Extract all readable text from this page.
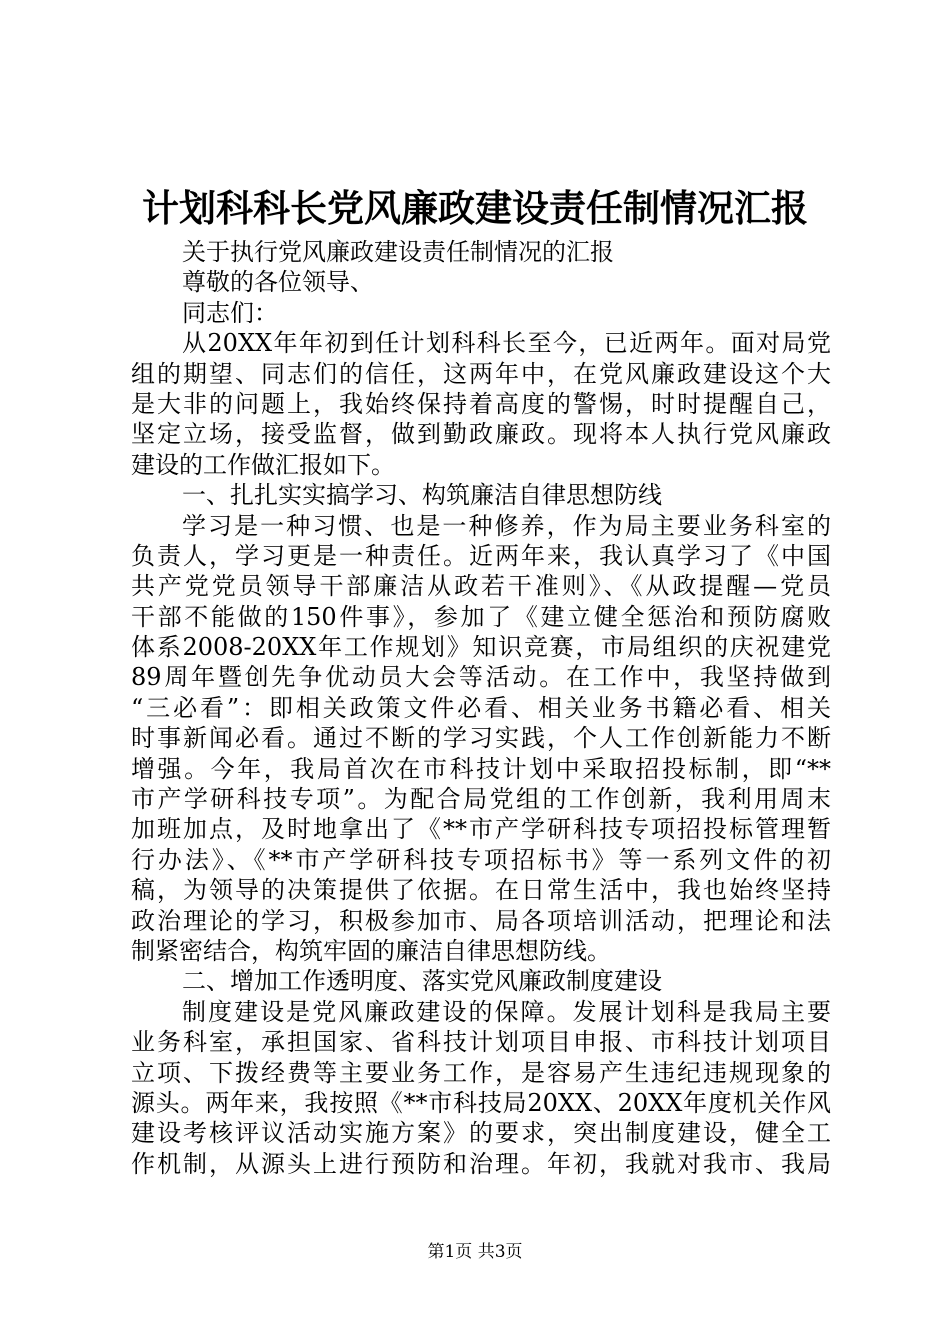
计划科科长党风廉政建设责任制情况汇报
关于执行党风廉政建设责任制情况的汇报
尊敬的各位领导、
同志们：
从20XX年年初到任计划科科长至今，已近两年。面对局党
组的期望、同志们的信任，这两年中，在党风廉政建设这个大
是大非的问题上，我始终保持着高度的警惕，时时提醒自己，
坚定立场，接受监督，做到勤政廉政。现将本人执行党风廉政
建设的工作做汇报如下。
一、扎扎实实搞学习、构筑廉洁自律思想防线
学习是一种习惯、也是一种修养，作为局主要业务科室的
负责人，学习更是一种责任。近两年来，我认真学习了《中国
共产党党员领导干部廉洁从政若干准则》、《从政提醒—党员
干部不能做的150件事》，参加了《建立健全惩治和预防腐败
体系2008-20XX年工作规划》知识竞赛，市局组织的庆祝建党
89周年暨创先争优动员大会等活动。在工作中，我坚持做到
“三必看”：即相关政策文件必看、相关业务书籍必看、相关
时事新闻必看。通过不断的学习实践，个人工作创新能力不断
增强。今年，我局首次在市科技计划中采取招投标制，即“**
市产学研科技专项”。为配合局党组的工作创新，我利用周末
加班加点，及时地拿出了《**市产学研科技专项招投标管理暂
行办法》、《**市产学研科技专项招标书》等一系列文件的初
稿，为领导的决策提供了依据。在日常生活中，我也始终坚持
政治理论的学习，积极参加市、局各项培训活动，把理论和法
制紧密结合，构筑牢固的廉洁自律思想防线。
二、增加工作透明度、落实党风廉政制度建设
制度建设是党风廉政建设的保障。发展计划科是我局主要
业务科室，承担国家、省科技计划项目申报、市科技计划项目
立项、下拨经费等主要业务工作，是容易产生违纪违规现象的
源头。两年来，我按照《**市科技局20XX、20XX年度机关作风
建设考核评议活动实施方案》的要求，突出制度建设，健全工
作机制，从源头上进行预防和治理。年初，我就对我市、我局
第1页 共3页
